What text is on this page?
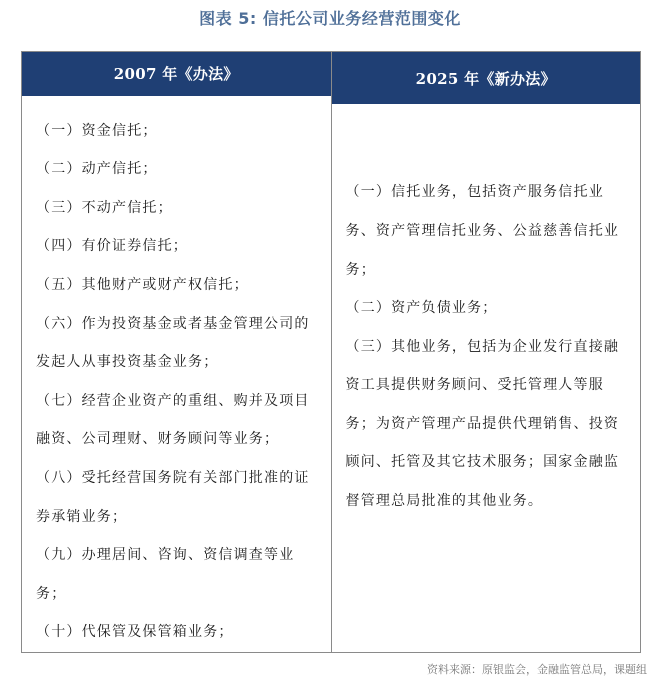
图表 5: 信托公司业务经营范围变化
2007 年《办法》

（一）资金信托；

（二）动产信托；

（三）不动产信托；

（四）有价证券信托；

（五）其他财产或财产权信托；

（六）作为投资基金或者基金管理公司的发起人从事投资基金业务；

（七）经营企业资产的重组、购并及项目融资、公司理财、财务顾问等业务；

（八）受托经营国务院有关部门批准的证券承销业务；

（九）办理居间、咨询、资信调查等业务；

（十）代保管及保管箱业务；

2025 年《新办法》

（一）信托业务，包括资产服务信托业务、资产管理信托业务、公益慈善信托业务；

（二）资产负债业务；

（三）其他业务，包括为企业发行直接融资工具提供财务顾问、受托管理人等服务；为资产管理产品提供代理销售、投资顾问、托管及其它技术服务；国家金融监督管理总局批准的其他业务。

资料来源：原银监会，金融监管总局，课题组
